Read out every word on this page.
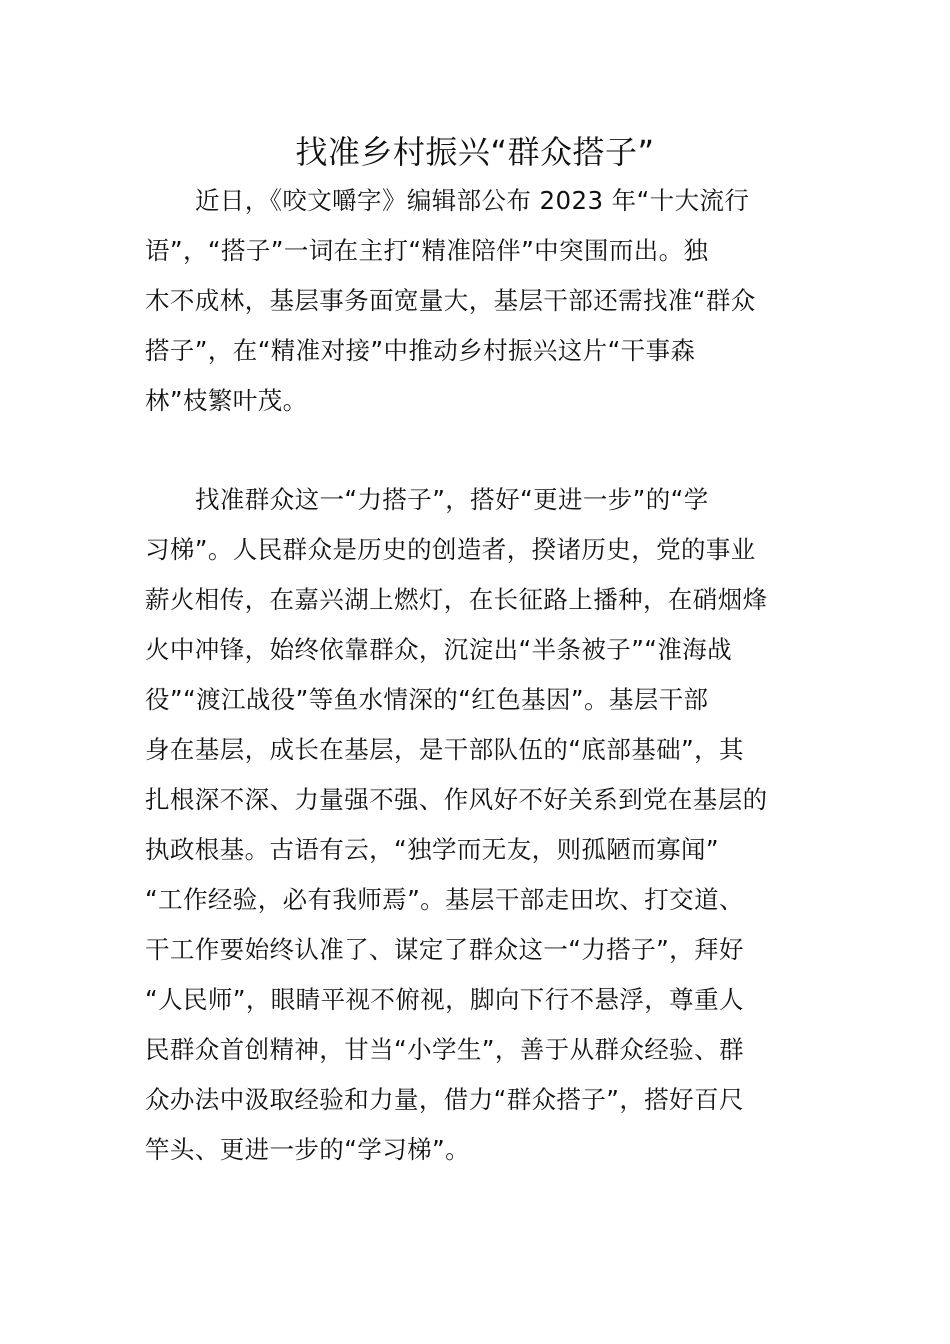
找准乡村振兴“群众搭子”
近日，《咬文嚼字》编辑部公布 2023 年“十大流行
语”，“搭子”一词在主打“精准陪伴”中突围而出。独
木不成林，基层事务面宽量大，基层干部还需找准“群众
搭子”，在“精准对接”中推动乡村振兴这片“干事森
林”枝繁叶茂。
找准群众这一“力搭子”，搭好“更进一步”的“学
习梯”。人民群众是历史的创造者，揆诸历史，党的事业
薪火相传，在嘉兴湖上燃灯，在长征路上播种，在硝烟烽
火中冲锋，始终依靠群众，沉淀出“半条被子”“淮海战
役”“渡江战役”等鱼水情深的“红色基因”。基层干部
身在基层，成长在基层，是干部队伍的“底部基础”，其
扎根深不深、力量强不强、作风好不好关系到党在基层的
执政根基。古语有云，“独学而无友，则孤陋而寡闻”
“工作经验，必有我师焉”。基层干部走田坎、打交道、
干工作要始终认准了、谋定了群众这一“力搭子”，拜好
“人民师”，眼睛平视不俯视，脚向下行不悬浮，尊重人
民群众首创精神，甘当“小学生”，善于从群众经验、群
众办法中汲取经验和力量，借力“群众搭子”，搭好百尺
竿头、更进一步的“学习梯”。
